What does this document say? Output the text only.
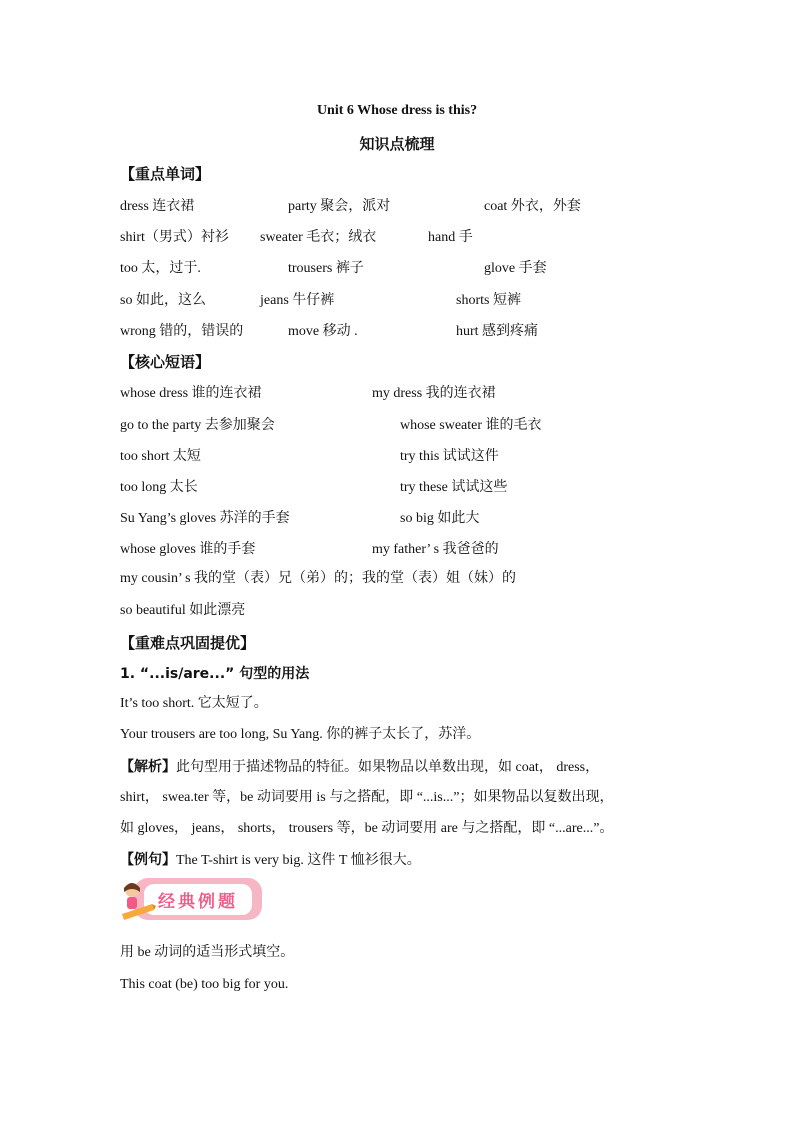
Unit 6 Whose dress is this?
知识点梳理
【重点单词】
dress 连衣裙	party 聚会，派对	coat 外衣，外套
shirt（男式）衬衫 sweater 毛衣；绒衣	hand 手
too 太，过于.	trousers 裤子	glove 手套
so 如此，这么	jeans 牛仔裤	shorts 短裤
wrong 错的，错误的	move 移动 .	hurt 感到疼痛
【核心短语】
whose dress 谁的连衣裙	my dress 我的连衣裙
go to the party 去参加聚会	whose sweater 谁的毛衣
too short 太短	try this 试试这件
too long 太长	try these 试试这些
Su Yang’s gloves 苏洋的手套	so big 如此大
whose gloves 谁的手套	my father’ s 我爸爸的
my cousin’ s 我的堂（表）兄（弟）的；我的堂（表）姐（妹）的
so beautiful 如此漂亮
【重难点巩固提优】
1. “...is/are...” 句型的用法
It’s too short. 它太短了。
Your trousers are too long, Su Yang. 你的裤子太长了，苏洋。
【解析】此句型用于描述物品的特征。如果物品以单数出现，如 coat， dress，
shirt， swea.ter 等，be 动词要用 is 与之搭配，即 “...is...”；如果物品以复数出现，
如 gloves， jeans， shorts， trousers 等，be 动词要用 are 与之搭配，即 “...are...”。
【例句】The T-shirt is very big. 这件 T 恤衫很大。
经典例题
用 be 动词的适当形式填空。
This coat (be) too big for you.
